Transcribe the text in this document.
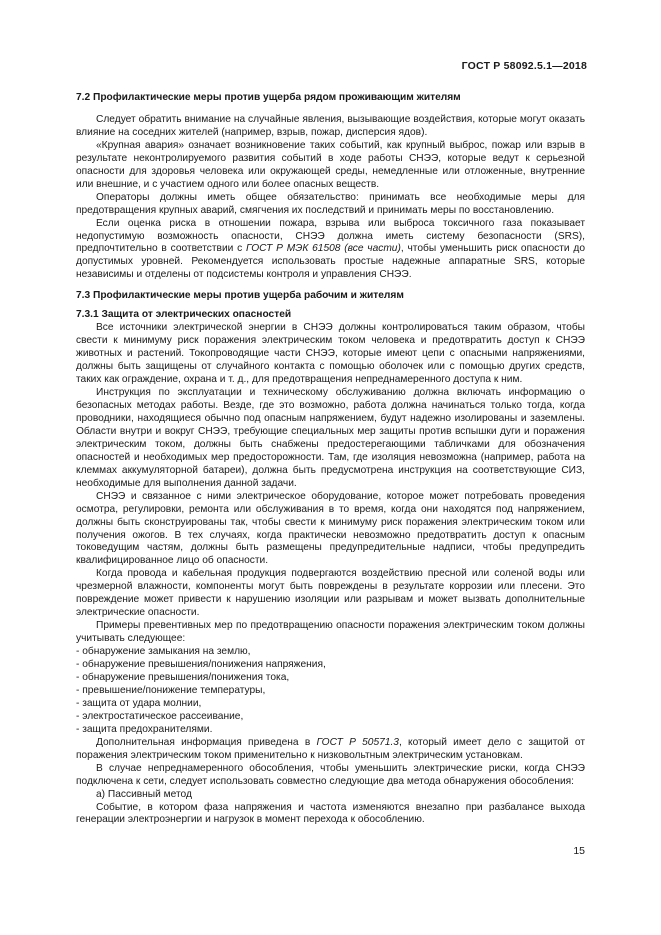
ГОСТ Р 58092.5.1—2018

7.2 Профилактические меры против ущерба рядом проживающим жителям

Следует обратить внимание на случайные явления, вызывающие воздействия, которые могут оказать влияние на соседних жителей (например, взрыв, пожар, дисперсия ядов).

«Крупная авария» означает возникновение таких событий, как крупный выброс, пожар или взрыв в результате неконтролируемого развития событий в ходе работы СНЭЭ, которые ведут к серьезной опасности для здоровья человека или окружающей среды, немедленные или отложенные, внутренние или внешние, и с участием одного или более опасных веществ.

Операторы должны иметь общее обязательство: принимать все необходимые меры для предотвращения крупных аварий, смягчения их последствий и принимать меры по восстановлению.

Если оценка риска в отношении пожара, взрыва или выброса токсичного газа показывает недопустимую возможность опасности, СНЭЭ должна иметь систему безопасности (SRS), предпочтительно в соответствии с ГОСТ Р МЭК 61508 (все части), чтобы уменьшить риск опасности до допустимых уровней. Рекомендуется использовать простые надежные аппаратные SRS, которые независимы и отделены от подсистемы контроля и управления СНЭЭ.

7.3 Профилактические меры против ущерба рабочим и жителям

7.3.1 Защита от электрических опасностей

Все источники электрической энергии в СНЭЭ должны контролироваться таким образом, чтобы свести к минимуму риск поражения электрическим током человека и предотвратить доступ к СНЭЭ животных и растений. Токопроводящие части СНЭЭ, которые имеют цепи с опасными напряжениями, должны быть защищены от случайного контакта с помощью оболочек или с помощью других средств, таких как ограждение, охрана и т. д., для предотвращения непреднамеренного доступа к ним.

Инструкция по эксплуатации и техническому обслуживанию должна включать информацию о безопасных методах работы. Везде, где это возможно, работа должна начинаться только тогда, когда проводники, находящиеся обычно под опасным напряжением, будут надежно изолированы и заземлены. Области внутри и вокруг СНЭЭ, требующие специальных мер защиты против вспышки дуги и поражения электрическим током, должны быть снабжены предостерегающими табличками для обозначения опасностей и необходимых мер предосторожности. Там, где изоляция невозможна (например, работа на клеммах аккумуляторной батареи), должна быть предусмотрена инструкция на соответствующие СИЗ, необходимые для выполнения данной задачи.

СНЭЭ и связанное с ними электрическое оборудование, которое может потребовать проведения осмотра, регулировки, ремонта или обслуживания в то время, когда они находятся под напряжением, должны быть сконструированы так, чтобы свести к минимуму риск поражения электрическим током или получения ожогов. В тех случаях, когда практически невозможно предотвратить доступ к опасным токоведущим частям, должны быть размещены предупредительные надписи, чтобы предупредить квалифицированное лицо об опасности.

Когда провода и кабельная продукция подвергаются воздействию пресной или соленой воды или чрезмерной влажности, компоненты могут быть повреждены в результате коррозии или плесени. Это повреждение может привести к нарушению изоляции или разрывам и может вызвать дополнительные электрические опасности.

Примеры превентивных мер по предотвращению опасности поражения электрическим током должны учитывать следующее:

- обнаружение замыкания на землю,
- обнаружение превышения/понижения напряжения,
- обнаружение превышения/понижения тока,
- превышение/понижение температуры,
- защита от удара молнии,
- электростатическое рассеивание,
- защита предохранителями.

Дополнительная информация приведена в ГОСТ Р 50571.3, который имеет дело с защитой от поражения электрическим током применительно к низковольтным электрическим установкам.

В случае непреднамеренного обособления, чтобы уменьшить электрические риски, когда СНЭЭ подключена к сети, следует использовать совместно следующие два метода обнаружения обособления:

а) Пассивный метод

Событие, в котором фаза напряжения и частота изменяются внезапно при разбалансе выхода генерации электроэнергии и нагрузок в момент перехода к обособлению.

15
